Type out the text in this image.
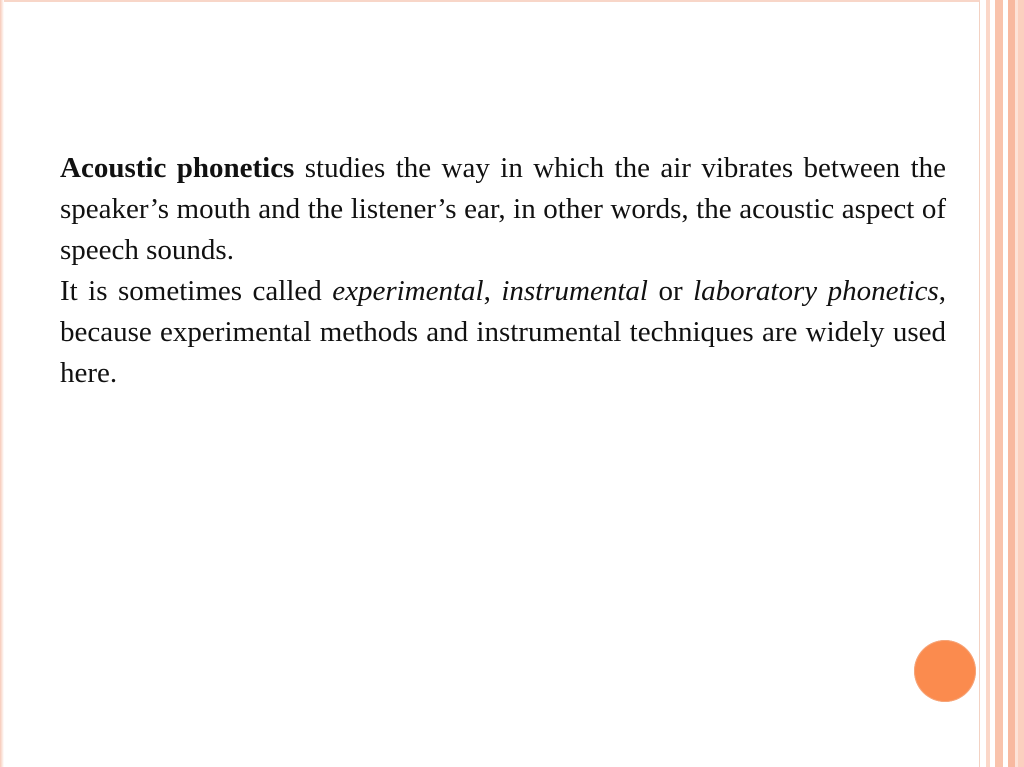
Acoustic phonetics studies the way in which the air vibrates between the speaker’s mouth and the listener’s ear, in other words, the acoustic aspect of speech sounds.

It is sometimes called experimental, instrumental or laboratory phonetics, because experimental methods and instrumental techniques are widely used here.
